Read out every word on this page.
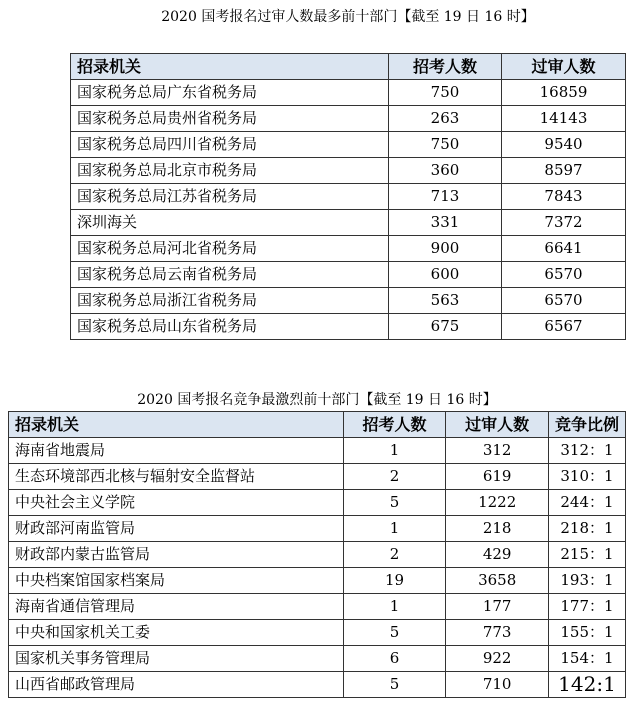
2020 国考报名过审人数最多前十部门【截至 19 日 16 时】
招录机关	招考人数	过审人数
国家税务总局广东省税务局	750	16859
国家税务总局贵州省税务局	263	14143
国家税务总局四川省税务局	750	9540
国家税务总局北京市税务局	360	8597
国家税务总局江苏省税务局	713	7843
深圳海关	331	7372
国家税务总局河北省税务局	900	6641
国家税务总局云南省税务局	600	6570
国家税务总局浙江省税务局	563	6570
国家税务总局山东省税务局	675	6567
2020 国考报名竞争最激烈前十部门【截至 19 日 16 时】
招录机关	招考人数	过审人数	竞争比例
海南省地震局	1	312	312：1
生态环境部西北核与辐射安全监督站	2	619	310：1
中央社会主义学院	5	1222	244：1
财政部河南监管局	1	218	218：1
财政部内蒙古监管局	2	429	215：1
中央档案馆国家档案局	19	3658	193：1
海南省通信管理局	1	177	177：1
中央和国家机关工委	5	773	155：1
国家机关事务管理局	6	922	154：1
山西省邮政管理局	5	710	142:1
